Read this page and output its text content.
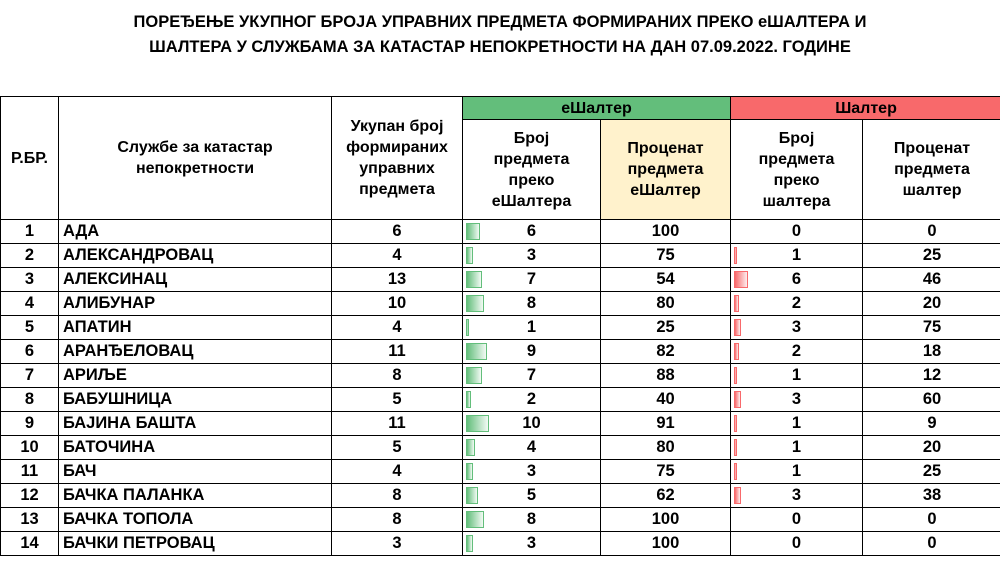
ПОРЕЂЕЊЕ УКУПНОГ БРОЈА УПРАВНИХ ПРЕДМЕТА ФОРМИРАНИХ ПРЕКО еШАЛТЕРА И
ШАЛТЕРА У СЛУЖБАМА ЗА КАТАСТАР НЕПОКРЕТНОСТИ НА ДАН 07.09.2022. ГОДИНЕ
Р.БР.	Службе за катастар непокретности	Укупан број формираних управних предмета	еШалтер		Шалтер	
			Број предмета преко еШалтера	Проценат предмета еШалтер	Број предмета преко шалтера	Проценат предмета шалтер
1	АДА	6	6	100	0	0
2	АЛЕКСАНДРОВАЦ	4	3	75	1	25
3	АЛЕКСИНАЦ	13	7	54	6	46
4	АЛИБУНАР	10	8	80	2	20
5	АПАТИН	4	1	25	3	75
6	АРАНЂЕЛОВАЦ	11	9	82	2	18
7	АРИЉЕ	8	7	88	1	12
8	БАБУШНИЦА	5	2	40	3	60
9	БАЈИНА БАШТА	11	10	91	1	9
10	БАТОЧИНА	5	4	80	1	20
11	БАЧ	4	3	75	1	25
12	БАЧКА ПАЛАНКА	8	5	62	3	38
13	БАЧКА ТОПОЛА	8	8	100	0	0
14	БАЧКИ ПЕТРОВАЦ	3	3	100	0	0
